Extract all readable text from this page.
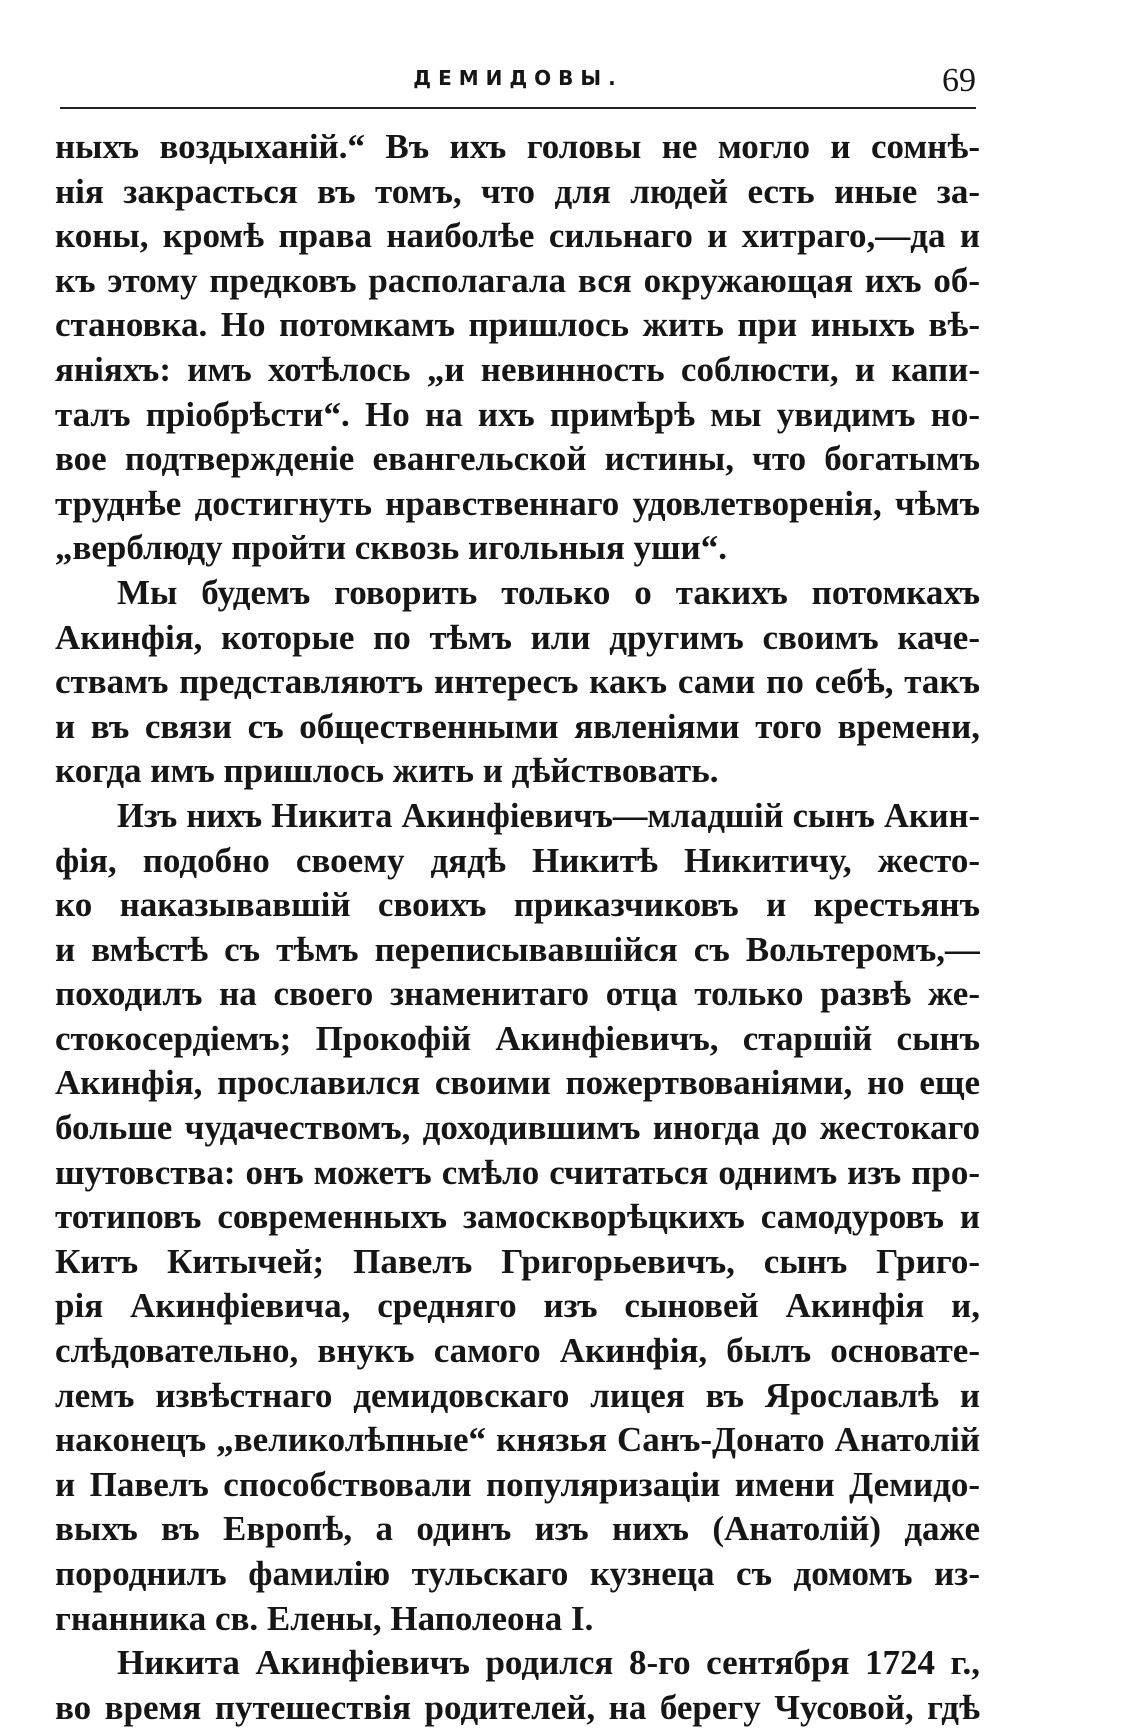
ДЕМИДОВЫ.	69
ныхъ воздыханій.“ Въ ихъ головы не могло и сомнѣ-
нія закрасться въ томъ, что для людей есть иные за-
коны, кромѣ права наиболѣе сильнаго и хитраго,—да и
къ этому предковъ располагала вся окружающая ихъ об-
становка. Но потомкамъ пришлось жить при иныхъ вѣ-
яніяхъ: имъ хотѣлось „и невинность соблюсти, и капи-
талъ пріобрѣсти“. Но на ихъ примѣрѣ мы увидимъ но-
вое подтвержденіе евангельской истины, что богатымъ
труднѣе достигнуть нравственнаго удовлетворенія, чѣмъ
„верблюду пройти сквозь игольныя уши“.
Мы будемъ говорить только о такихъ потомкахъ
Акинфія, которые по тѣмъ или другимъ своимъ каче-
ствамъ представляютъ интересъ какъ сами по себѣ, такъ
и въ связи съ общественными явленіями того времени,
когда имъ пришлось жить и дѣйствовать.
Изъ нихъ Никита Акинфіевичъ—младшій сынъ Акин-
фія, подобно своему дядѣ Никитѣ Никитичу, жесто-
ко наказывавшій своихъ приказчиковъ и крестьянъ
и вмѣстѣ съ тѣмъ переписывавшійся съ Вольтеромъ,—
походилъ на своего знаменитаго отца только развѣ же-
стокосердіемъ; Прокофій Акинфіевичъ, старшій сынъ
Акинфія, прославился своими пожертвованіями, но еще
больше чудачествомъ, доходившимъ иногда до жестокаго
шутовства: онъ можетъ смѣло считаться однимъ изъ про-
тотиповъ современныхъ замоскворѣцкихъ самодуровъ и
Китъ Китычей; Павелъ Григорьевичъ, сынъ Григо-
рія Акинфіевича, средняго изъ сыновей Акинфія и,
слѣдовательно, внукъ самого Акинфія, былъ основате-
лемъ извѣстнаго демидовскаго лицея въ Ярославлѣ и
наконецъ „великолѣпные“ князья Санъ-Донато Анатолій
и Павелъ способствовали популяризаціи имени Демидо-
выхъ въ Европѣ, а одинъ изъ нихъ (Анатолій) даже
породнилъ фамилію тульскаго кузнеца съ домомъ из-
гнанника св. Елены, Наполеона I.
Никита Акинфіевичъ родился 8-го сентября 1724 г.,
во время путешествія родителей, на берегу Чусовой, гдѣ
